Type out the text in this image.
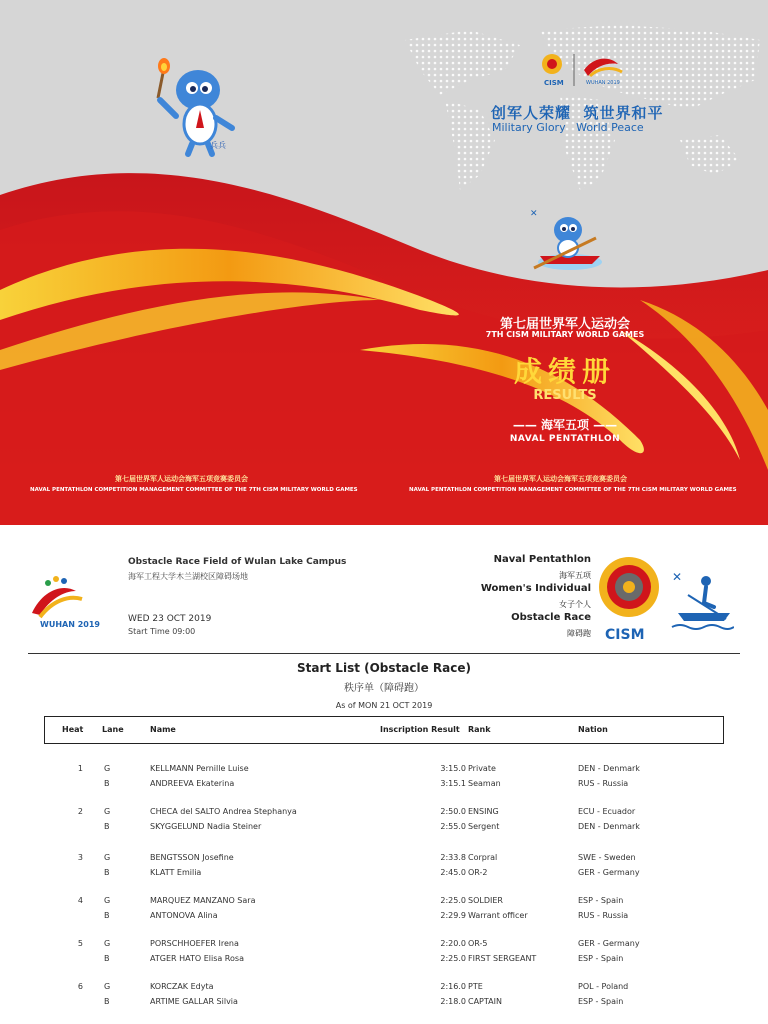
兵兵
CISM	WUHAN 2019
创军人荣耀 筑世界和平
Military Glory World Peace
✕
第七届世界军人运动会
7TH CISM MILITARY WORLD GAMES
成绩册
RESULTS
—— 海军五项 ——
NAVAL PENTATHLON
第七届世界军人运动会海军五项竞赛委员会
NAVAL PENTATHLON COMPETITION MANAGEMENT COMMITTEE OF THE 7TH CISM MILITARY WORLD GAMES
第七届世界军人运动会海军五项竞赛委员会
NAVAL PENTATHLON COMPETITION MANAGEMENT COMMITTEE OF THE 7TH CISM MILITARY WORLD GAMES
WUHAN 2019
Obstacle Race Field of Wulan Lake Campus
海军工程大学木兰湖校区障碍场地
WED 23 OCT 2019
Start Time 09:00
Naval Pentathlon
海军五项
Women's Individual
女子个人
Obstacle Race
障碍跑 CISM
✕
Start List (Obstacle Race)
秩序单（障碍跑）
As of MON 21 OCT 2019
Heat Lane	Name	Inscription Result Rank	Nation
1	G	KELLMANN Pernille Luise	3:15.0 Private	DEN - Denmark
B	ANDREEVA Ekaterina	3:15.1 Seaman	RUS - Russia
2	G	CHECA del SALTO Andrea Stephanya	2:50.0 ENSING	ECU - Ecuador
B	SKYGGELUND Nadia Steiner	2:55.0 Sergent	DEN - Denmark
3	G	BENGTSSON Josefine	2:33.8 Corpral	SWE - Sweden
B	KLATT Emilia	2:45.0 OR-2	GER - Germany
4	G	MARQUEZ MANZANO Sara	2:25.0 SOLDIER	ESP - Spain
B	ANTONOVA Alina	2:29.9 Warrant officer	RUS - Russia
5	G	PORSCHHOEFER Irena	2:20.0 OR-5	GER - Germany
B	ATGER HATO Elisa Rosa	2:25.0 FIRST SERGEANT	ESP - Spain
6	G	KORCZAK Edyta	2:16.0 PTE	POL - Poland
B	ARTIME GALLAR Silvia	2:18.0 CAPTAIN	ESP - Spain
